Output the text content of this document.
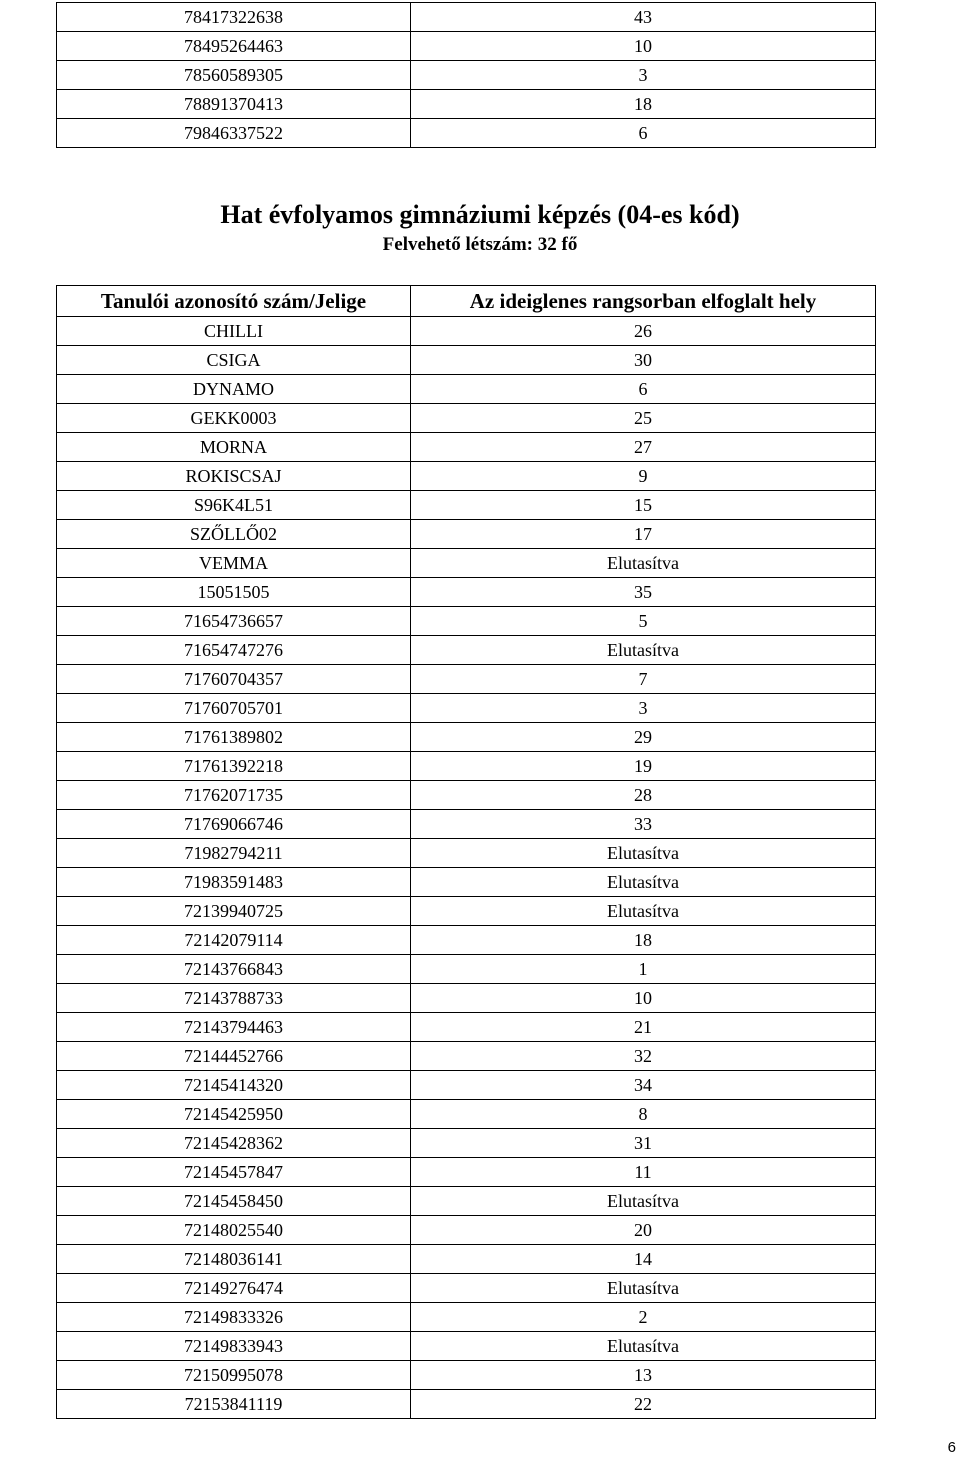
78417322638	43
78495264463	10
78560589305	3
78891370413	18
79846337522	6
Hat évfolyamos gimnáziumi képzés (04-es kód)
Felvehető létszám: 32 fő
Tanulói azonosító szám/Jelige	Az ideiglenes rangsorban elfoglalt hely
CHILLI	26
CSIGA	30
DYNAMO	6
GEKK0003	25
MORNA	27
ROKISCSAJ	9
S96K4L51	15
SZŐLLŐ02	17
VEMMA	Elutasítva
15051505	35
71654736657	5
71654747276	Elutasítva
71760704357	7
71760705701	3
71761389802	29
71761392218	19
71762071735	28
71769066746	33
71982794211	Elutasítva
71983591483	Elutasítva
72139940725	Elutasítva
72142079114	18
72143766843	1
72143788733	10
72143794463	21
72144452766	32
72145414320	34
72145425950	8
72145428362	31
72145457847	11
72145458450	Elutasítva
72148025540	20
72148036141	14
72149276474	Elutasítva
72149833326	2
72149833943	Elutasítva
72150995078	13
72153841119	22
6
